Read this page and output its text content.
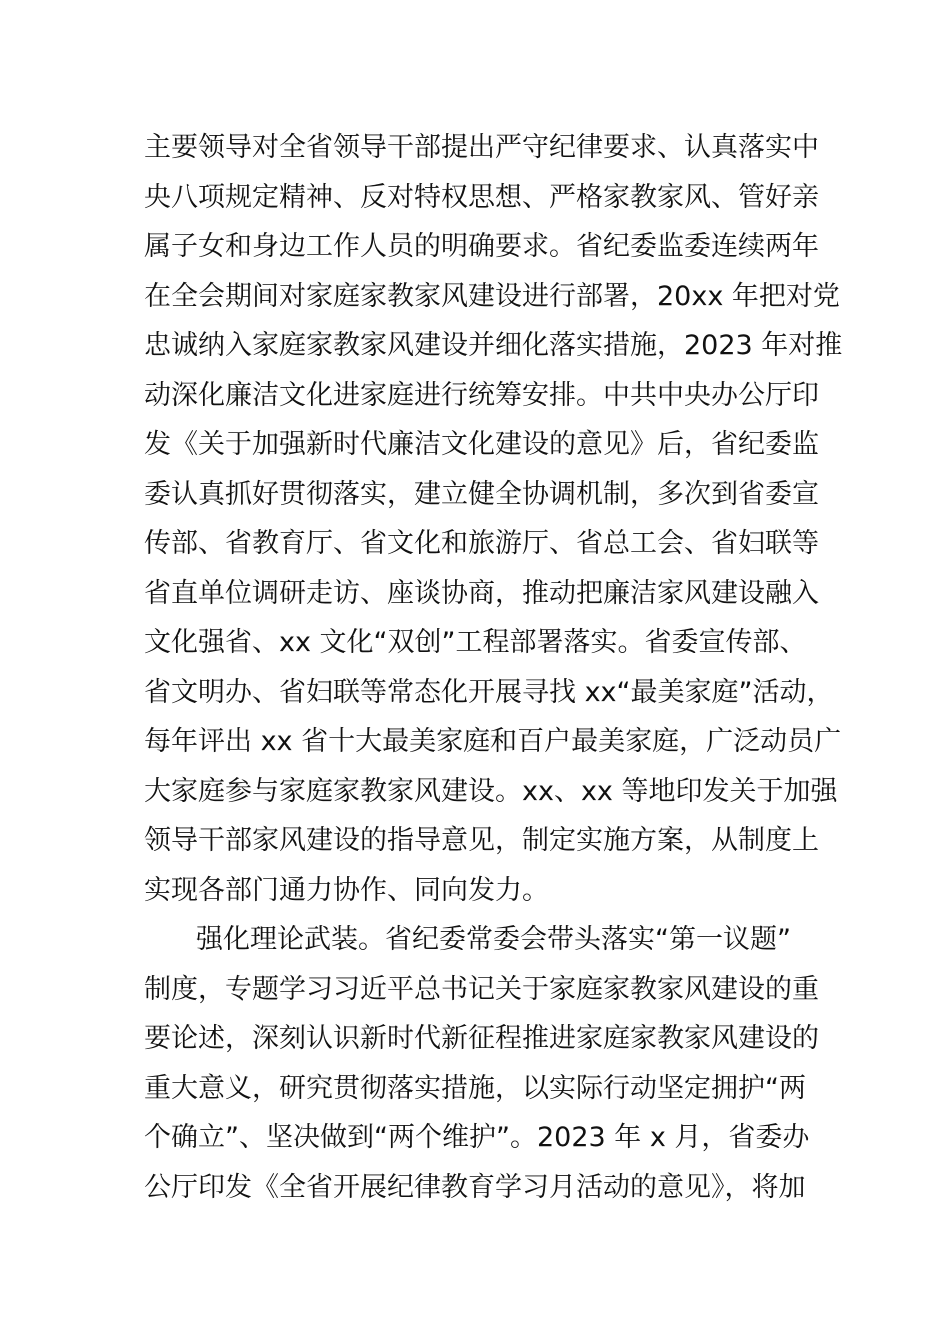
主要领导对全省领导干部提出严守纪律要求、认真落实中
央八项规定精神、反对特权思想、严格家教家风、管好亲
属子女和身边工作人员的明确要求。省纪委监委连续两年
在全会期间对家庭家教家风建设进行部署，20xx 年把对党
忠诚纳入家庭家教家风建设并细化落实措施，2023 年对推
动深化廉洁文化进家庭进行统筹安排。中共中央办公厅印
发《关于加强新时代廉洁文化建设的意见》后，省纪委监
委认真抓好贯彻落实，建立健全协调机制，多次到省委宣
传部、省教育厅、省文化和旅游厅、省总工会、省妇联等
省直单位调研走访、座谈协商，推动把廉洁家风建设融入
文化强省、xx 文化“双创”工程部署落实。省委宣传部、
省文明办、省妇联等常态化开展寻找 xx“最美家庭”活动，
每年评出 xx 省十大最美家庭和百户最美家庭，广泛动员广
大家庭参与家庭家教家风建设。xx、xx 等地印发关于加强
领导干部家风建设的指导意见，制定实施方案，从制度上
实现各部门通力协作、同向发力。
强化理论武装。省纪委常委会带头落实“第一议题”
制度，专题学习习近平总书记关于家庭家教家风建设的重
要论述，深刻认识新时代新征程推进家庭家教家风建设的
重大意义，研究贯彻落实措施，以实际行动坚定拥护“两
个确立”、坚决做到“两个维护”。2023 年 x 月，省委办
公厅印发《全省开展纪律教育学习月活动的意见》，将加
